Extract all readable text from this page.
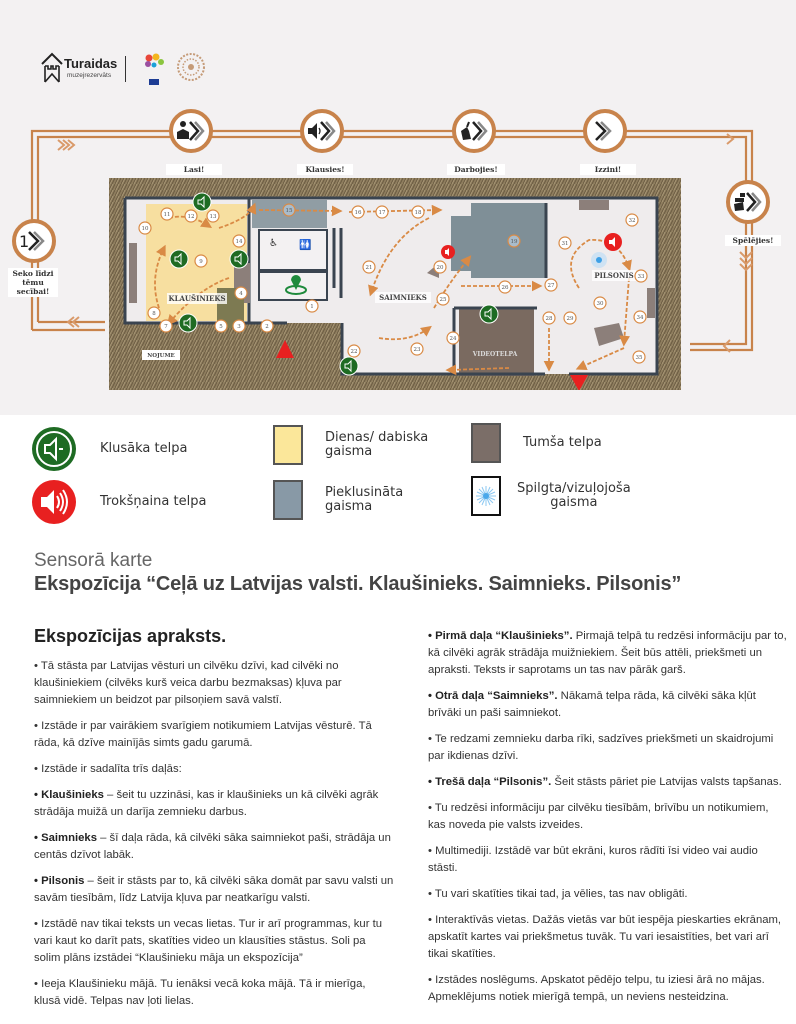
Turaidas
muzejrezervāts
1
Seko līdzi
tēmu secībai!
Lasi!	Klausies!	Darbojies!	Izzini!
Spēlējies!
KLAUŠINIEKS	SAIMNIEKS
PILSONIS
VIDEOTELPA
NOJUME
1
2
3
4
5
7
8
9
10
11	12	13
14
15	16	17	18
19
20
21
22	23
24
25
26	27
28	29
30
31
32
33
34
35
♿ 🚻
Klusāka telpa
Trokšņaina telpa
Dienas/ dabiska
gaisma
Pieklusināta
gaisma
Tumša telpa
Spilgta/vizuļojoša
gaisma
Sensorā karte
Ekspozīcija “Ceļā uz Latvijas valsti. Klaušinieks. Saimnieks. Pilsonis”
Ekspozīcijas apraksts.

• Tā stāsta par Latvijas vēsturi un cilvēku dzīvi, kad cilvēki no klaušiniekiem (cilvēks kurš veica darbu bezmaksas) kļuva par saimniekiem un beidzot par pilsoņiem savā valstī.

• Izstāde ir par vairākiem svarīgiem notikumiem Latvijas vēsturē. Tā rāda, kā dzīve mainījās simts gadu garumā.

• Izstāde ir sadalīta trīs daļās:

• Klaušinieks – šeit tu uzzināsi, kas ir klaušinieks un kā cilvēki agrāk strādāja muižā un darīja zemnieku darbus.

• Saimnieks – šī daļa rāda, kā cilvēki sāka saimniekot paši, strādāja un centās dzīvot labāk.

• Pilsonis – šeit ir stāsts par to, kā cilvēki sāka domāt par savu valsti un savām tiesībām, līdz Latvija kļuva par neatkarīgu valsti.

• Izstādē nav tikai teksts un vecas lietas. Tur ir arī programmas, kur tu vari kaut ko darīt pats, skatīties video un klausīties stāstus. Soli pa solim plāns izstādei “Klaušinieku māja un ekspozīcija”

• Ieeja Klaušinieku mājā. Tu ienāksi vecā koka mājā. Tā ir mierīga, klusā vidē. Telpas nav ļoti lielas.

• Pirmā daļa “Klaušinieks”. Pirmajā telpā tu redzēsi informāciju par to, kā cilvēki agrāk strādāja muižniekiem. Šeit būs attēli, priekšmeti un apraksti. Teksts ir saprotams un tas nav pārāk garš.

• Otrā daļa “Saimnieks”. Nākamā telpa rāda, kā cilvēki sāka kļūt brīvāki un paši saimniekot.

• Te redzami zemnieku darba rīki, sadzīves priekšmeti un skaidrojumi par ikdienas dzīvi.

• Trešā daļa “Pilsonis”. Šeit stāsts pāriet pie Latvijas valsts tapšanas.

• Tu redzēsi informāciju par cilvēku tiesībām, brīvību un notikumiem, kas noveda pie valsts izveides.

• Multimediji. Izstādē var būt ekrāni, kuros rādīti īsi video vai audio stāsti.

• Tu vari skatīties tikai tad, ja vēlies, tas nav obligāti.

• Interaktīvās vietas. Dažās vietās var būt iespēja pieskarties ekrānam, apskatīt kartes vai priekšmetus tuvāk. Tu vari iesaistīties, bet vari arī tikai skatīties.

• Izstādes noslēgums. Apskatot pēdējo telpu, tu iziesi ārā no mājas. Apmeklējums notiek mierīgā tempā, un neviens nesteidzina.
